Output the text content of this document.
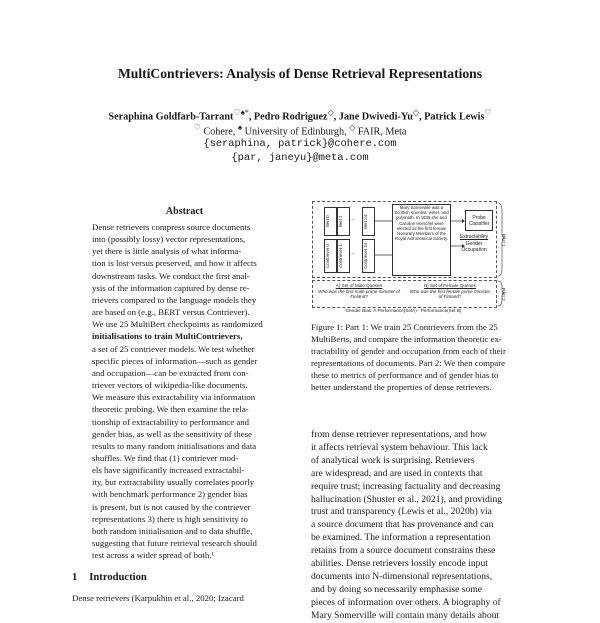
MultiContrievers: Analysis of Dense Retrieval Representations
Seraphina Goldfarb-Tarrant♡♠*, Pedro Rodriguez◇, Jane Dwivedi-Yu◇, Patrick Lewis♡
♡ Cohere, ♠ University of Edinburgh, ◇ FAIR, Meta
{seraphina, patrick}@cohere.com
{par, janeyu}@meta.com
Abstract
Dense retrievers compress source documents
into (possibly lossy) vector representations,
yet there is little analysis of what informa-
tion is lost versus preserved, and how it affects
downstream tasks. We conduct the first anal-
ysis of the information captured by dense re-
trievers compared to the language models they
are based on (e.g., BERT versus Contriever).
We use 25 MultiBert checkpoints as randomized
initialisations to train MultiContrievers,
a set of 25 contriever models. We test whether
specific pieces of information—such as gender
and occupation—can be extracted from con-
triever vectors of wikipedia-like documents.
We measure this extractability via information
theoretic probing. We then examine the rela-
tionship of extractability to performance and
gender bias, as well as the sensitivity of these
results to many random initialisations and data
shuffles. We find that (1) contriever mod-
els have significantly increased extractabil-
ity, but extractability usually correlates poorly
with benchmark performance 2) gender bias
is present, but is not caused by the contriever
representations 3) there is high sensitivity to
both random initialisation and to data shuffle,
suggesting that future retrieval research should
test across a wider spread of both.¹
1 Introduction
Dense retrievers (Karpukhin et al., 2020; Izacard
Bert 0	Bert 1	⋯ Bert 24
Contriever 0	Contriever 1	⋯ Contriever 24
Mary Somerville was a Scottish scientist, writer, and polymath. In 1835 she and Caroline Herschel were elected as the first female Honorary Members of the Royal Astronomical Society.
Probe Classifier
Extractability
Gender
Occupation
Part 1
Part 2
A) Set of Male Queries
Who was the first male prime minister of Finland?
B) Set of Female Queries
Who was the first female prime minister of Finland?
Gender Bias: A Performance(SetA) - Performance(Set B)
Figure 1: Part 1: We train 25 Contrievers from the 25
MultiBerts, and compare the information theoretic ex-
tractability of gender and occupation from each of their
representations of documents. Part 2: We then compare
these to metrics of performance and of gender bias to
better understand the properties of dense retrievers.
from dense retriever representations, and how
it affects retrieval system behaviour. This lack
of analytical work is surprising. Retrievers
are widespread, and are used in contexts that
require trust; increasing factuality and decreasing
hallucination (Shuster et al., 2021), and providing
trust and transparency (Lewis et al., 2020b) via
a source document that has provenance and can
be examined. The information a representation
retains from a source document constrains these
abilities. Dense retrievers lossily encode input
documents into N-dimensional representations,
and by doing so necessarily emphasise some
pieces of information over others. A biography of
Mary Somerville will contain many details about
